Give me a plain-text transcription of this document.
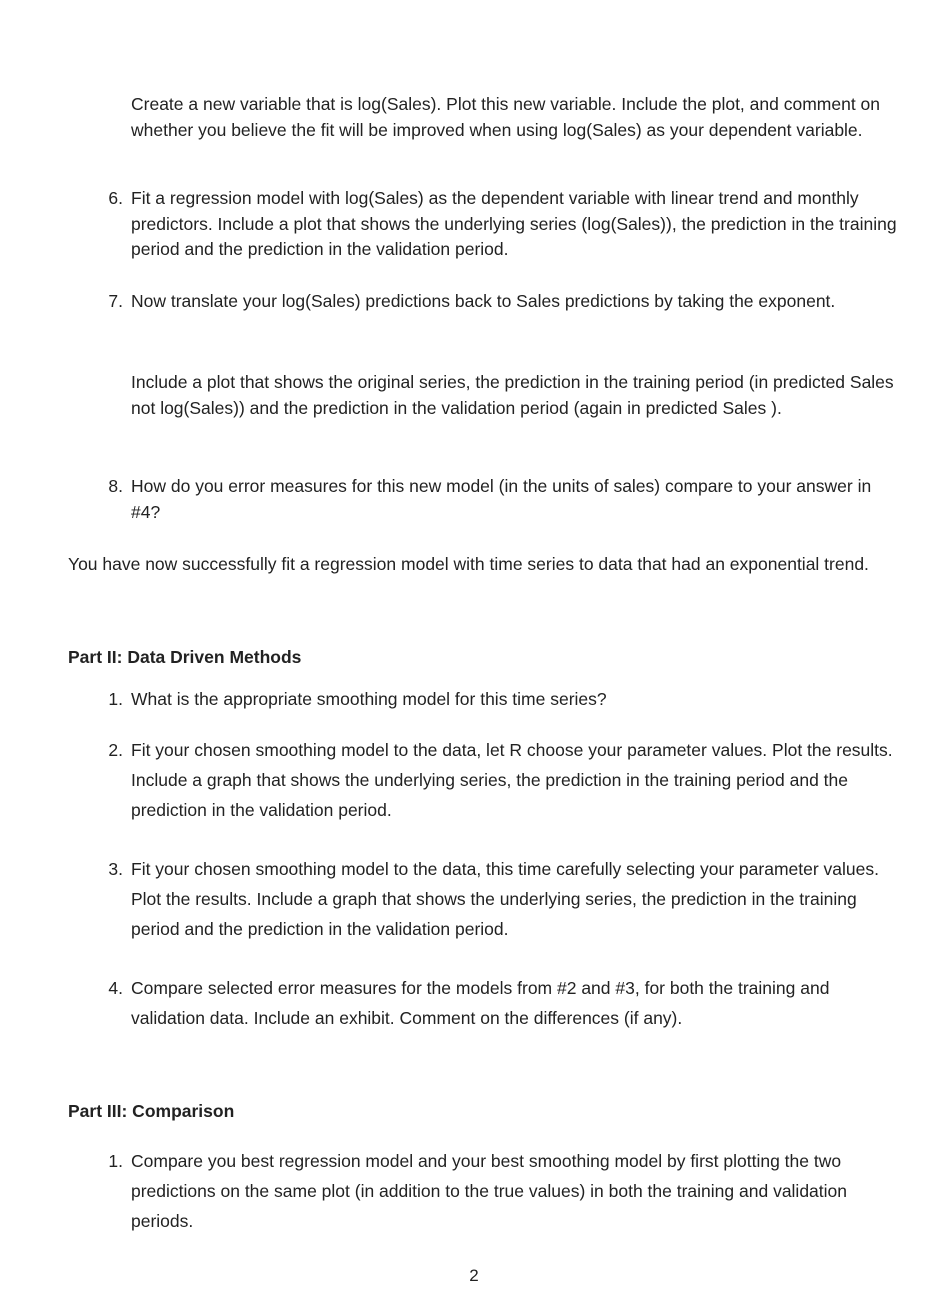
Create a new variable that is log(Sales). Plot this new variable. Include the plot, and comment on whether you believe the fit will be improved when using log(Sales) as your dependent variable.
6. Fit a regression model with log(Sales) as the dependent variable with linear trend and monthly predictors. Include a plot that shows the underlying series (log(Sales)), the prediction in the training period and the prediction in the validation period.
7. Now translate your log(Sales) predictions back to Sales predictions by taking the exponent.
Include a plot that shows the original series, the prediction in the training period (in predicted Sales not log(Sales)) and the prediction in the validation period (again in predicted Sales ).
8. How do you error measures for this new model (in the units of sales) compare to your answer in #4?
You have now successfully fit a regression model with time series to data that had an exponential trend.
Part II: Data Driven Methods
1. What is the appropriate smoothing model for this time series?
2. Fit your chosen smoothing model to the data, let R choose your parameter values. Plot the results. Include a graph that shows the underlying series, the prediction in the training period and the prediction in the validation period.
3. Fit your chosen smoothing model to the data, this time carefully selecting your parameter values. Plot the results. Include a graph that shows the underlying series, the prediction in the training period and the prediction in the validation period.
4. Compare selected error measures for the models from #2 and #3, for both the training and validation data. Include an exhibit. Comment on the differences (if any).
Part III: Comparison
1. Compare you best regression model and your best smoothing model by first plotting the two predictions on the same plot (in addition to the true values) in both the training and validation periods.
2
